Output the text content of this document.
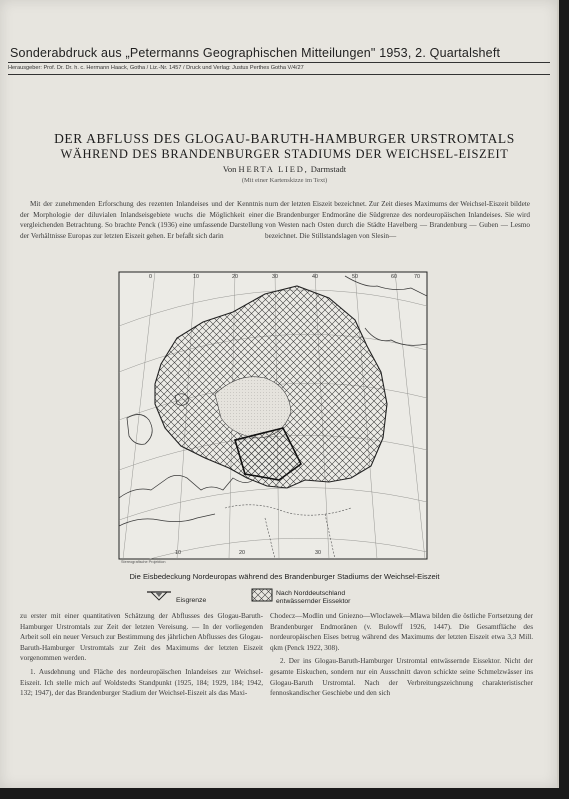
Sonderabdruck aus „Petermanns Geographischen Mitteilungen" 1953, 2. Quartalsheft
Herausgeber: Prof. Dr. Dr. h. c. Hermann Haack, Gotha / Liz.-Nr. 1457 / Druck und Verlag: Justus Perthes Gotha V/4/27
DER ABFLUSS DES GLOGAU-BARUTH-HAMBURGER URSTROMTALS
WÄHREND DES BRANDENBURGER STADIUMS DER WEICHSEL-EISZEIT
Von HERTA LIED, Darmstadt
(Mit einer Kartenskizze im Text)

Mit der zunehmenden Erforschung des rezenten Inlandeises und der Kenntnis der Morphologie der diluvialen Inlandseisgebiete wuchs die Möglichkeit einer vergleichenden Betrachtung. So brachte Penck (1936) eine umfassende Darstellung der Verhältnisse Europas zur letzten Eiszeit gehen. Er befaßt sich darin

nurn der letzten Eiszeit bezeichnet. Zur Zeit dieses Maximums der Weichsel-Eiszeit bildete die Brandenburger Endmoräne die Südgrenze des nordeuropäischen Inlandeises. Sie wird von Westen nach Osten durch die Städte Havelberg — Brandenburg — Guben — Lesmo bezeichnet. Die Stillstandslagen von Slesin—

0	10	20	30	40	50	60	70
10	20	30
Stereografische Projektion
Die Eisbedeckung Nordeuropas während des Brandenburger Stadiums der Weichsel-Eiszeit
Eisgrenze
Nach Norddeutschland
entwässernder Eissektor

zu erster mit einer quantitativen Schätzung der Abflusses des Glogau-Baruth-Hamburger Urstromtals zur Zeit der letzten Vereisung. — In der vorliegenden Arbeit soll ein neuer Versuch zur Bestimmung des jährlichen Abflusses des Glogau-Baruth-Hamburger Urstromtals zur Zeit des Maximums der letzten Eiszeit vorgenommen werden.

1. Ausdehnung und Fläche des nordeuropäischen Inlandeises zur Weichsel-Eiszeit. Ich stelle mich auf Woldstedts Standpunkt (1925, 184; 1929, 184; 1942, 132; 1947), der das Brandenburger Stadium der Weichsel-Eiszeit als das Maxi-

Chodecz—Modlin und Gniezno—Wloclawek—Mlawa bilden die östliche Fortsetzung der Brandenburger Endmoränen (v. Bulowff 1926, 1447). Die Gesamtfläche des nordeuropäischen Eises betrug während des Maximums der letzten Eiszeit etwa 3,3 Mill. qkm (Penck 1922, 308).

2. Der ins Glogau-Baruth-Hamburger Urstromtal entwässernde Eissektor. Nicht der gesamte Eiskuchen, sondern nur ein Ausschnitt davon schickte seine Schmelzwässer ins Glogau-Baruth Urstromtal. Nach der Verbreitungszeichnung charakteristischer fennoskandischer Geschiebe und den sich
